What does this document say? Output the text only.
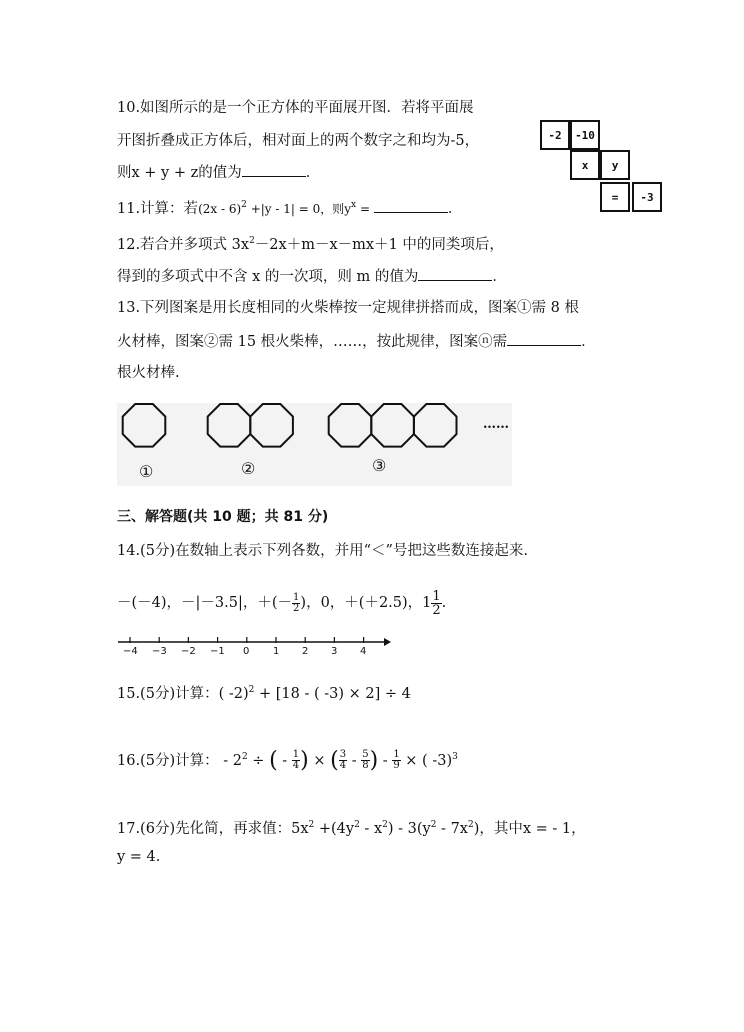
10.如图所示的是一个正方体的平面展开图．若将平面展
开图折叠成正方体后，相对面上的两个数字之和均为-5，
则x + y + z的值为	．
-2	-10
x	y
=	-3
11.计算：若(2x - 6)$^2$ +|y - 1| = 0，则$y^x$ =	．
12.若合并多项式 $3x^2-2x+m-x-mx+1$ 中的同类项后，
得到的多项式中不含 x 的一次项，则 m 的值为	．
13.下列图案是用长度相同的火柴棒按一定规律拼搭而成，图案①需 8 根
火材棒，图案②需 15 根火柴棒，……，按此规律，图案ⓝ需	．
根火材棒.
①	②	③
……
三、解答题(共 10 题；共 81 分)
14.(5分)在数轴上表示下列各数，并用“＜”号把这些数连接起来.
－(－4)，－|－3.5|，＋(－ $\frac{1}{2}$ )，0，＋(＋2.5)，$1 \frac{1}{2}$ .
−4 −3 −2 −1 0 1 2 3 4
15.(5分)计算：( -2)$^2$ + [18 - ( -3) × 2] ÷ 4
16.(5分)计算： - $2^2$ ÷ ( - $\frac{1}{4}$ ) × ( $\frac{3}{4} - \frac{5}{8}$ ) - $\frac{1}{9}$ × ( -3)$^3$
17.(6分)先化简，再求值：$5x^2 +(4y^2 - x^2) - 3(y^2 - 7x^2)$，其中x = - 1，
y = 4.
